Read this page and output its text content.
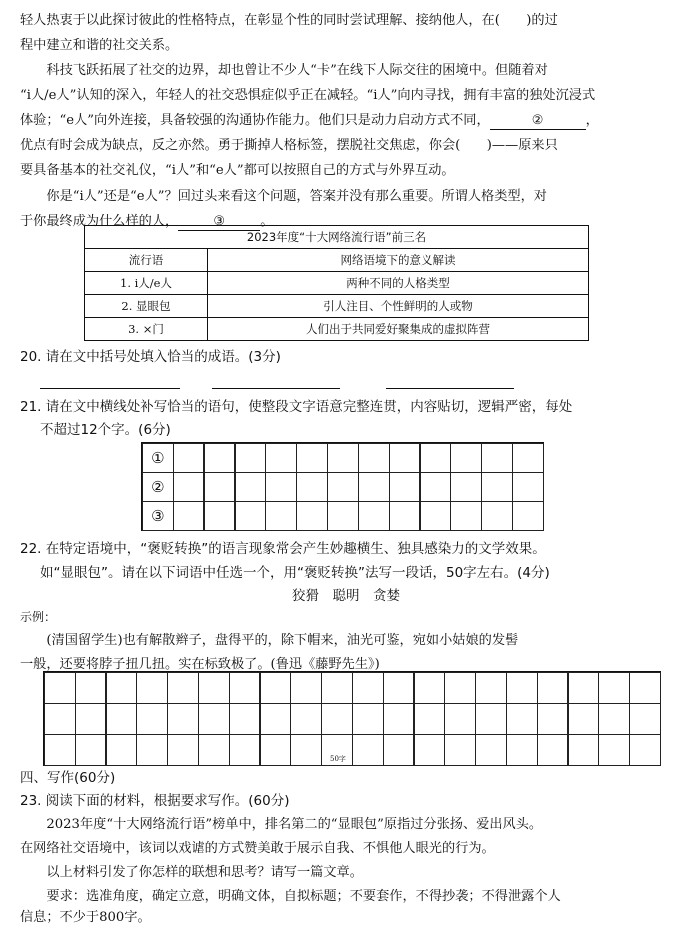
轻人热衷于以此探讨彼此的性格特点，在彰显个性的同时尝试理解、接纳他人，在(　　)的过
程中建立和谐的社交关系。
科技飞跃拓展了社交的边界，却也曾让不少人“卡”在线下人际交往的困境中。但随着对
“i人/e人”认知的深入，年轻人的社交恐惧症似乎正在减轻。“i人”向内寻找，拥有丰富的独处沉浸式
体验；“e人”向外连接，具备较强的沟通协作能力。他们只是动力启动方式不同，	②	，
优点有时会成为缺点，反之亦然。勇于撕掉人格标签，摆脱社交焦虑，你会(　　)——原来只
要具备基本的社交礼仪，“i人”和“e人”都可以按照自己的方式与外界互动。
你是“i人”还是“e人”？回过头来看这个问题，答案并没有那么重要。所谓人格类型，对
于你最终成为什么样的人，	③	。
2023年度“十大网络流行语”前三名	
流行语	网络语境下的意义解读
1. i人/e人	两种不同的人格类型
2. 显眼包	引人注目、个性鲜明的人或物
3. ×门	人们出于共同爱好聚集成的虚拟阵营
20. 请在文中括号处填入恰当的成语。(3分)
21. 请在文中横线处补写恰当的语句，使整段文字语意完整连贯，内容贴切，逻辑严密，每处
不超过12个字。(6分)
①
②
③
22. 在特定语境中，“褒贬转换”的语言现象常会产生妙趣横生、独具感染力的文学效果。
如“显眼包”。请在以下词语中任选一个，用“褒贬转换”法写一段话，50字左右。(4分)
狡猾　聪明　贪婪
示例：
(清国留学生)也有解散辫子，盘得平的，除下帽来，油光可鉴，宛如小姑娘的发髻
一般，还要将脖子扭几扭。实在标致极了。(鲁迅《藤野先生》)
50字
四、写作(60分)
23. 阅读下面的材料，根据要求写作。(60分)
2023年度“十大网络流行语”榜单中，排名第二的“显眼包”原指过分张扬、爱出风头。
在网络社交语境中，该词以戏谑的方式赞美敢于展示自我、不惧他人眼光的行为。
以上材料引发了你怎样的联想和思考？请写一篇文章。
要求：选准角度，确定立意，明确文体，自拟标题；不要套作，不得抄袭；不得泄露个人
信息；不少于800字。
